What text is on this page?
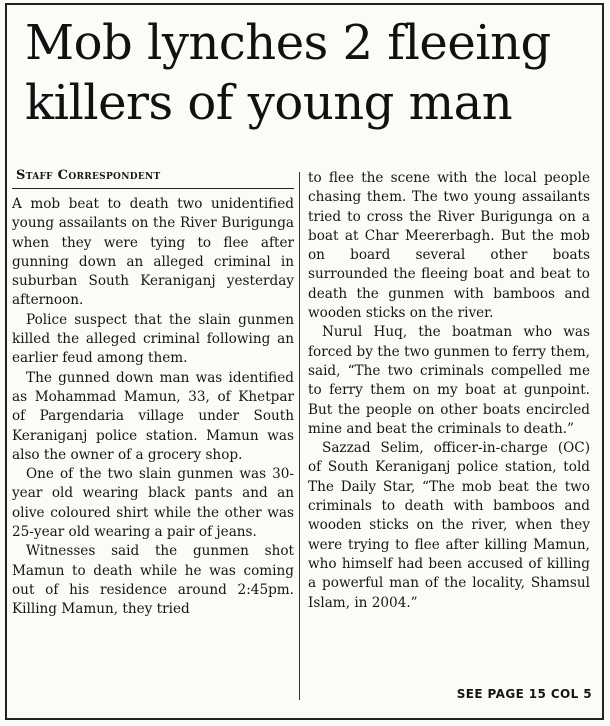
Mob lynches 2 fleeing
killers of young man
Staff Correspondent

A mob beat to death two unidentified young assailants on the River Burigunga when they were tying to flee after gunning down an alleged criminal in suburban South Keraniganj yesterday afternoon.

Police suspect that the slain gunmen killed the alleged criminal following an earlier feud among them.

The gunned down man was identified as Mohammad Mamun, 33, of Khetpar of Pargendaria village under South Keraniganj police station. Mamun was also the owner of a grocery shop.

One of the two slain gunmen was 30-year old wearing black pants and an olive coloured shirt while the other was 25-year old wearing a pair of jeans.

Witnesses said the gunmen shot Mamun to death while he was coming out of his residence around 2:45pm. Killing Mamun, they tried

to flee the scene with the local people chasing them. The two young assailants tried to cross the River Burigunga on a boat at Char Meererbagh. But the mob on board several other boats surrounded the fleeing boat and beat to death the gunmen with bamboos and wooden sticks on the river.

Nurul Huq, the boatman who was forced by the two gunmen to ferry them, said, “The two criminals compelled me to ferry them on my boat at gunpoint. But the people on other boats encircled mine and beat the criminals to death.”

Sazzad Selim, officer-in-charge (OC) of South Keraniganj police station, told The Daily Star, “The mob beat the two criminals to death with bamboos and wooden sticks on the river, when they were trying to flee after killing Mamun, who himself had been accused of killing a powerful man of the locality, Shamsul Islam, in 2004.”

SEE PAGE 15 COL 5
